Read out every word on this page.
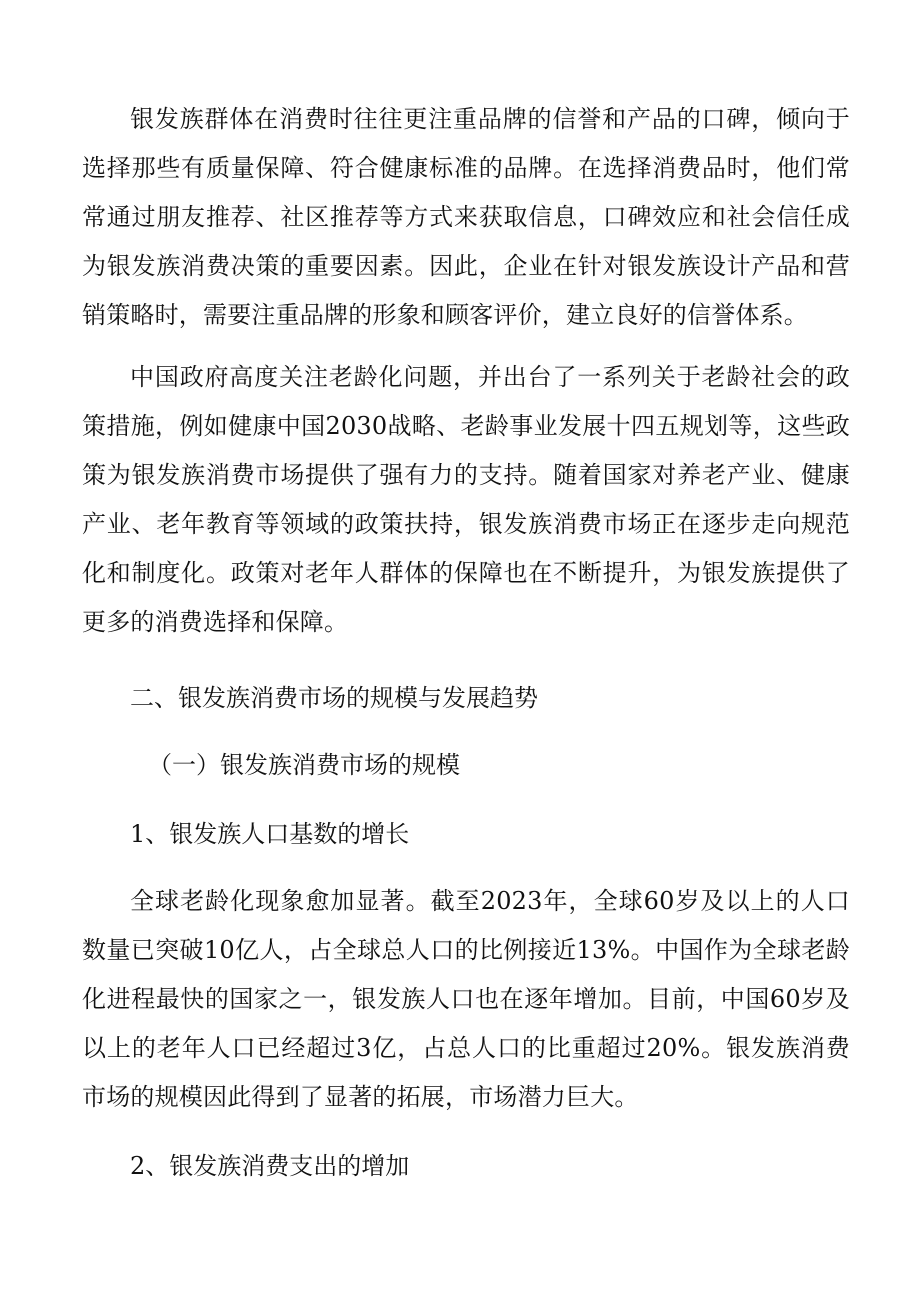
银发族群体在消费时往往更注重品牌的信誉和产品的口碑，倾向于选择那些有质量保障、符合健康标准的品牌。在选择消费品时，他们常常通过朋友推荐、社区推荐等方式来获取信息，口碑效应和社会信任成为银发族消费决策的重要因素。因此，企业在针对银发族设计产品和营销策略时，需要注重品牌的形象和顾客评价，建立良好的信誉体系。

中国政府高度关注老龄化问题，并出台了一系列关于老龄社会的政策措施，例如健康中国2030战略、老龄事业发展十四五规划等，这些政策为银发族消费市场提供了强有力的支持。随着国家对养老产业、健康产业、老年教育等领域的政策扶持，银发族消费市场正在逐步走向规范化和制度化。政策对老年人群体的保障也在不断提升，为银发族提供了更多的消费选择和保障。

二、银发族消费市场的规模与发展趋势

（一）银发族消费市场的规模

1、银发族人口基数的增长

全球老龄化现象愈加显著。截至2023年，全球60岁及以上的人口数量已突破10亿人，占全球总人口的比例接近13%。中国作为全球老龄化进程最快的国家之一，银发族人口也在逐年增加。目前，中国60岁及以上的老年人口已经超过3亿，占总人口的比重超过20%。银发族消费市场的规模因此得到了显著的拓展，市场潜力巨大。

2、银发族消费支出的增加
